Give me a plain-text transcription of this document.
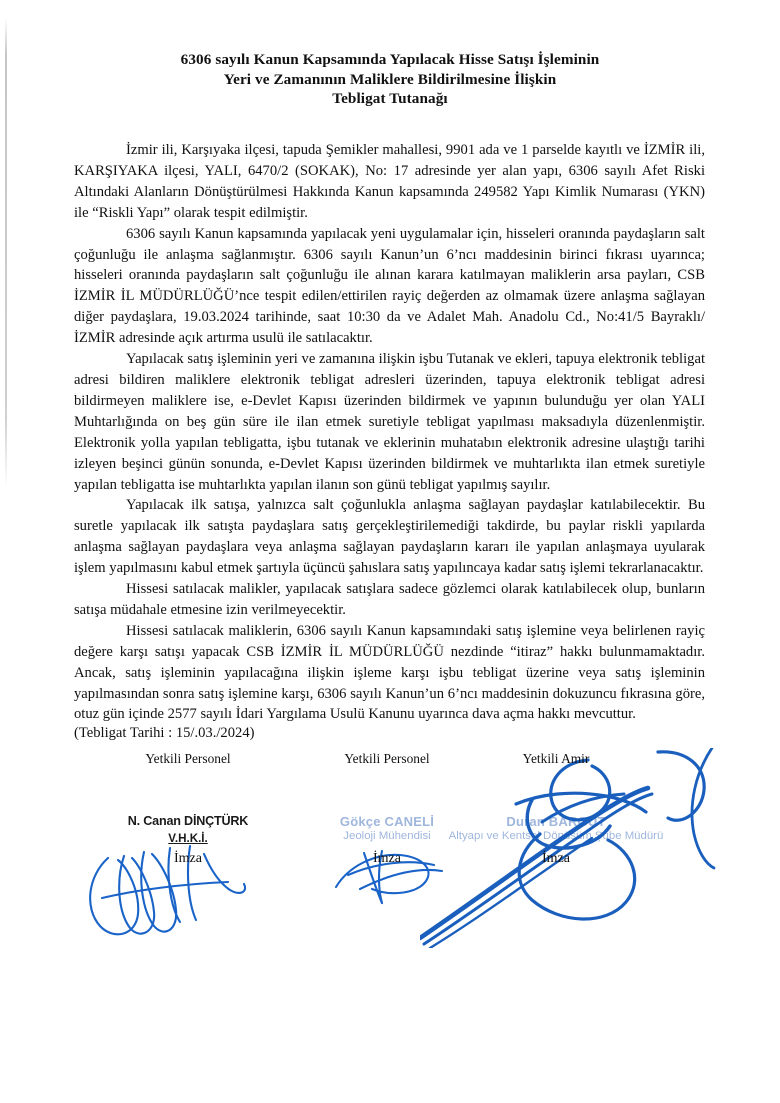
6306 sayılı Kanun Kapsamında Yapılacak Hisse Satışı İşleminin
Yeri ve Zamanının Maliklere Bildirilmesine İlişkin
Tebligat Tutanağı

İzmir ili, Karşıyaka ilçesi, tapuda Şemikler mahallesi, 9901 ada ve 1 parselde kayıtlı ve İZMİR ili, KARŞIYAKA ilçesi, YALI, 6470/2 (SOKAK), No: 17 adresinde yer alan yapı, 6306 sayılı Afet Riski Altındaki Alanların Dönüştürülmesi Hakkında Kanun kapsamında 249582 Yapı Kimlik Numarası (YKN) ile “Riskli Yapı” olarak tespit edilmiştir.

6306 sayılı Kanun kapsamında yapılacak yeni uygulamalar için, hisseleri oranında paydaşların salt çoğunluğu ile anlaşma sağlanmıştır. 6306 sayılı Kanun’un 6’ncı maddesinin birinci fıkrası uyarınca; hisseleri oranında paydaşların salt çoğunluğu ile alınan karara katılmayan maliklerin arsa payları, CSB İZMİR İL MÜDÜRLÜĞÜ’nce tespit edilen/ettirilen rayiç değerden az olmamak üzere anlaşma sağlayan diğer paydaşlara, 19.03.2024 tarihinde, saat 10:30 da ve Adalet Mah. Anadolu Cd., No:41/5 Bayraklı/İZMİR adresinde açık artırma usulü ile satılacaktır.

Yapılacak satış işleminin yeri ve zamanına ilişkin işbu Tutanak ve ekleri, tapuya elektronik tebligat adresi bildiren maliklere elektronik tebligat adresleri üzerinden, tapuya elektronik tebligat adresi bildirmeyen maliklere ise, e-Devlet Kapısı üzerinden bildirmek ve yapının bulunduğu yer olan YALI Muhtarlığında on beş gün süre ile ilan etmek suretiyle tebligat yapılması maksadıyla düzenlenmiştir. Elektronik yolla yapılan tebligatta, işbu tutanak ve eklerinin muhatabın elektronik adresine ulaştığı tarihi izleyen beşinci günün sonunda, e-Devlet Kapısı üzerinden bildirmek ve muhtarlıkta ilan etmek suretiyle yapılan tebligatta ise muhtarlıkta yapılan ilanın son günü tebligat yapılmış sayılır.

Yapılacak ilk satışa, yalnızca salt çoğunlukla anlaşma sağlayan paydaşlar katılabilecektir. Bu suretle yapılacak ilk satışta paydaşlara satış gerçekleştirilemediği takdirde, bu paylar riskli yapılarda anlaşma sağlayan paydaşlara veya anlaşma sağlayan paydaşların kararı ile yapılan anlaşmaya uyularak işlem yapılmasını kabul etmek şartıyla üçüncü şahıslara satış yapılıncaya kadar satış işlemi tekrarlanacaktır.

Hissesi satılacak malikler, yapılacak satışlara sadece gözlemci olarak katılabilecek olup, bunların satışa müdahale etmesine izin verilmeyecektir.

Hissesi satılacak maliklerin, 6306 sayılı Kanun kapsamındaki satış işlemine veya belirlenen rayiç değere karşı satışı yapacak CSB İZMİR İL MÜDÜRLÜĞÜ nezdinde “itiraz” hakkı bulunmamaktadır. Ancak, satış işleminin yapılacağına ilişkin işleme karşı işbu tebligat üzerine veya satış işleminin yapılmasından sonra satış işlemine karşı, 6306 sayılı Kanun’un 6’ncı maddesinin dokuzuncu fıkrasına göre, otuz gün içinde 2577 sayılı İdari Yargılama Usulü Kanunu uyarınca dava açma hakkı mevcuttur.

(Tebligat Tarihi : 15/.03./2024)
Yetkili Personel
N. Canan DİNÇTÜRK
V.H.K.İ.
İmza
Yetkili Personel
Gökçe CANELİ
Jeoloji Mühendisi
İmza
Yetkili Amir
Duran BARGUT
Altyapı ve Kentsel Dönüşüm Şube Müdürü
İmza
